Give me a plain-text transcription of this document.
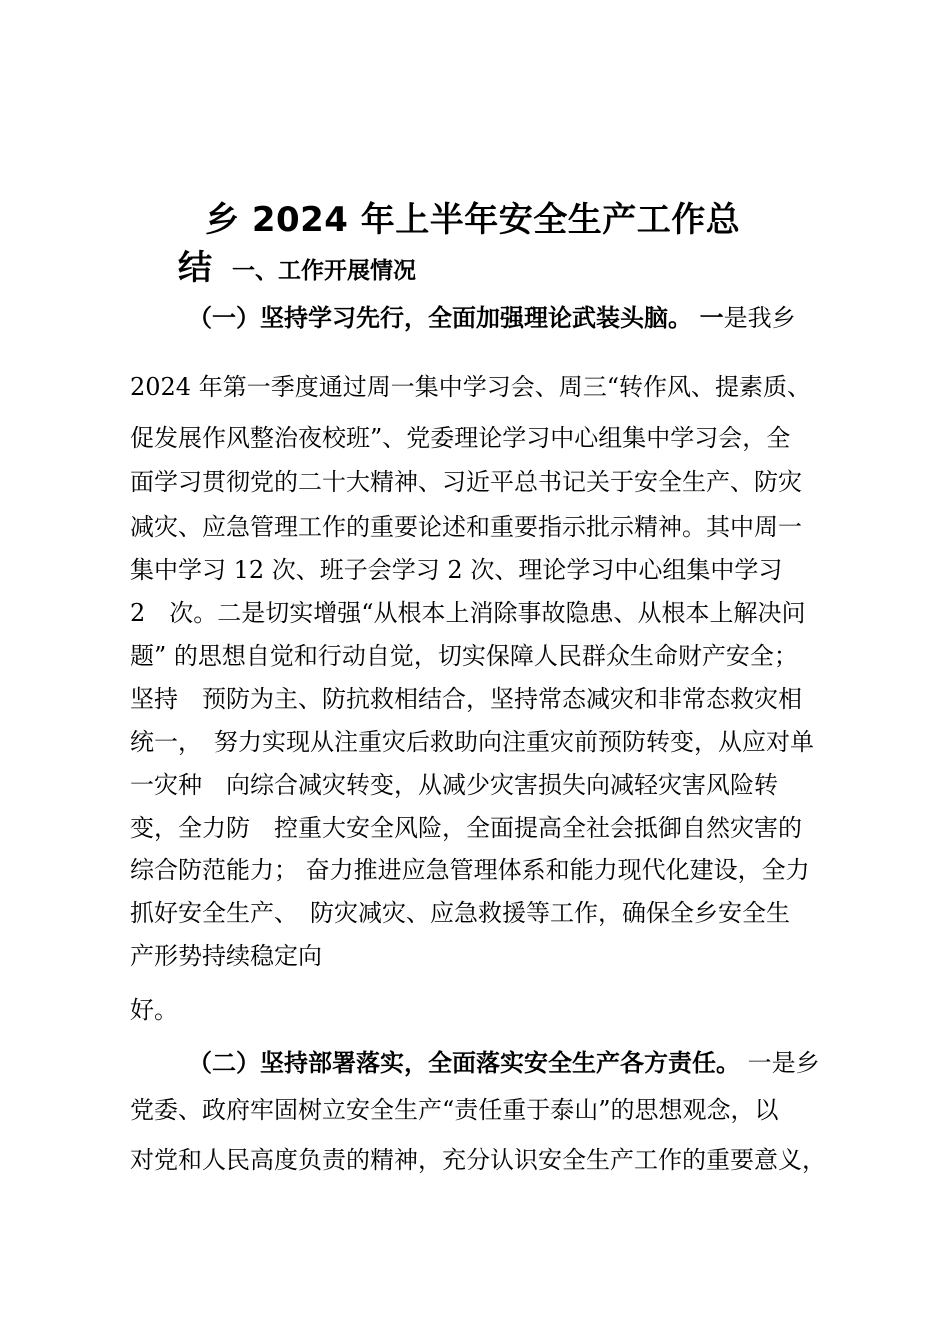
乡 2024 年上半年安全生产工作总
结 一、工作开展情况
（一）坚持学习先行，全面加强理论武装头脑。 一是我乡
2024 年第一季度通过周一集中学习会、周三“转作风、提素质、
促发展作风整治夜校班”、党委理论学习中心组集中学习会，全
面学习贯彻党的二十大精神、习近平总书记关于安全生产、防灾
减灾、应急管理工作的重要论述和重要指示批示精神。其中周一
集中学习 12 次、班子会学习 2 次、理论学习中心组集中学习
2　次。二是切实增强“从根本上消除事故隐患、从根本上解决问
题” 的思想自觉和行动自觉，切实保障人民群众生命财产安全；
坚持　预防为主、防抗救相结合，坚持常态减灾和非常态救灾相
统一，　努力实现从注重灾后救助向注重灾前预防转变，从应对单
一灾种　向综合减灾转变，从减少灾害损失向减轻灾害风险转
变，全力防　控重大安全风险，全面提高全社会抵御自然灾害的
综合防范能力； 奋力推进应急管理体系和能力现代化建设，全力
抓好安全生产、　防灾减灾、应急救援等工作，确保全乡安全生
产形势持续稳定向
好。
（二）坚持部署落实，全面落实安全生产各方责任。 一是乡
党委、政府牢固树立安全生产“责任重于泰山”的思想观念，以
对党和人民高度负责的精神，充分认识安全生产工作的重要意义，
